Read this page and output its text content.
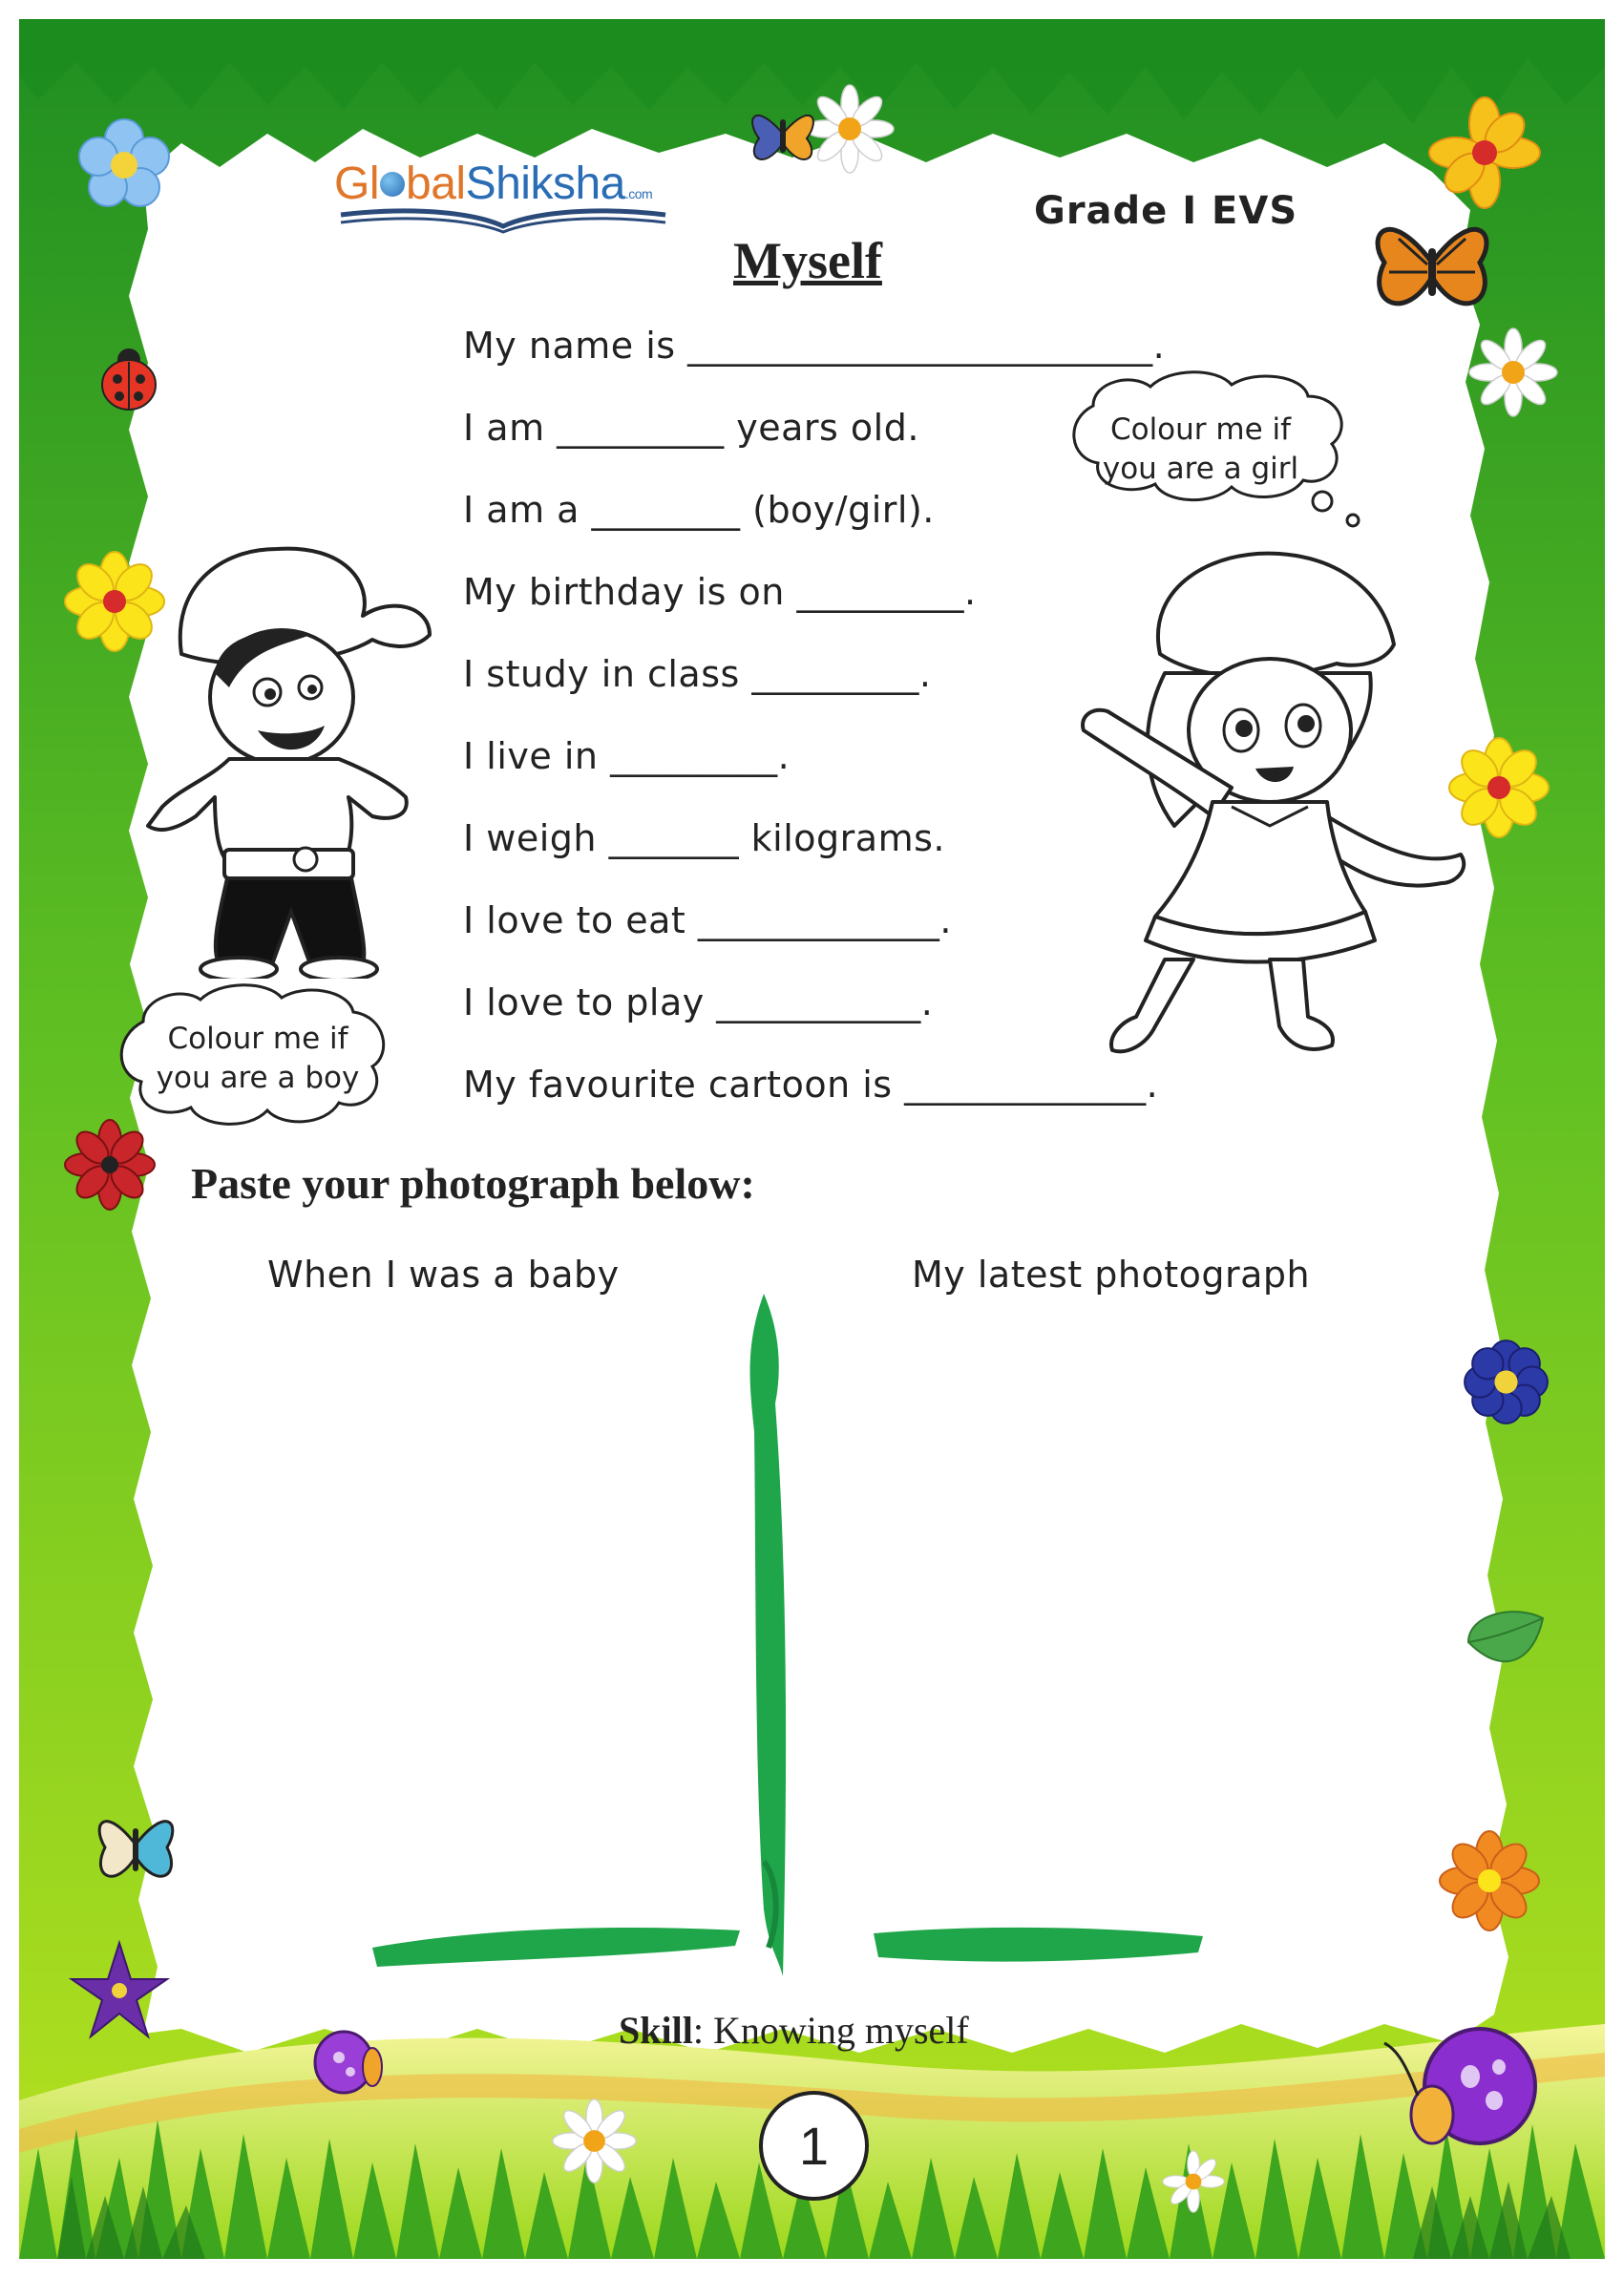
Gl balShiksha.com	Grade I EVS
Myself
My name is _________________________.
I am _________ years old.
I am a ________ (boy/girl).
My birthday is on _________.
I study in class _________.
I live in _________.
I weigh _______ kilograms.
I love to eat _____________.
I love to play ___________.
My favourite cartoon is _____________.
Colour me if
you are a girl
Colour me if
you are a boy
Paste your photograph below:
When I was a baby	My latest photograph
Skill: Knowing myself
1
